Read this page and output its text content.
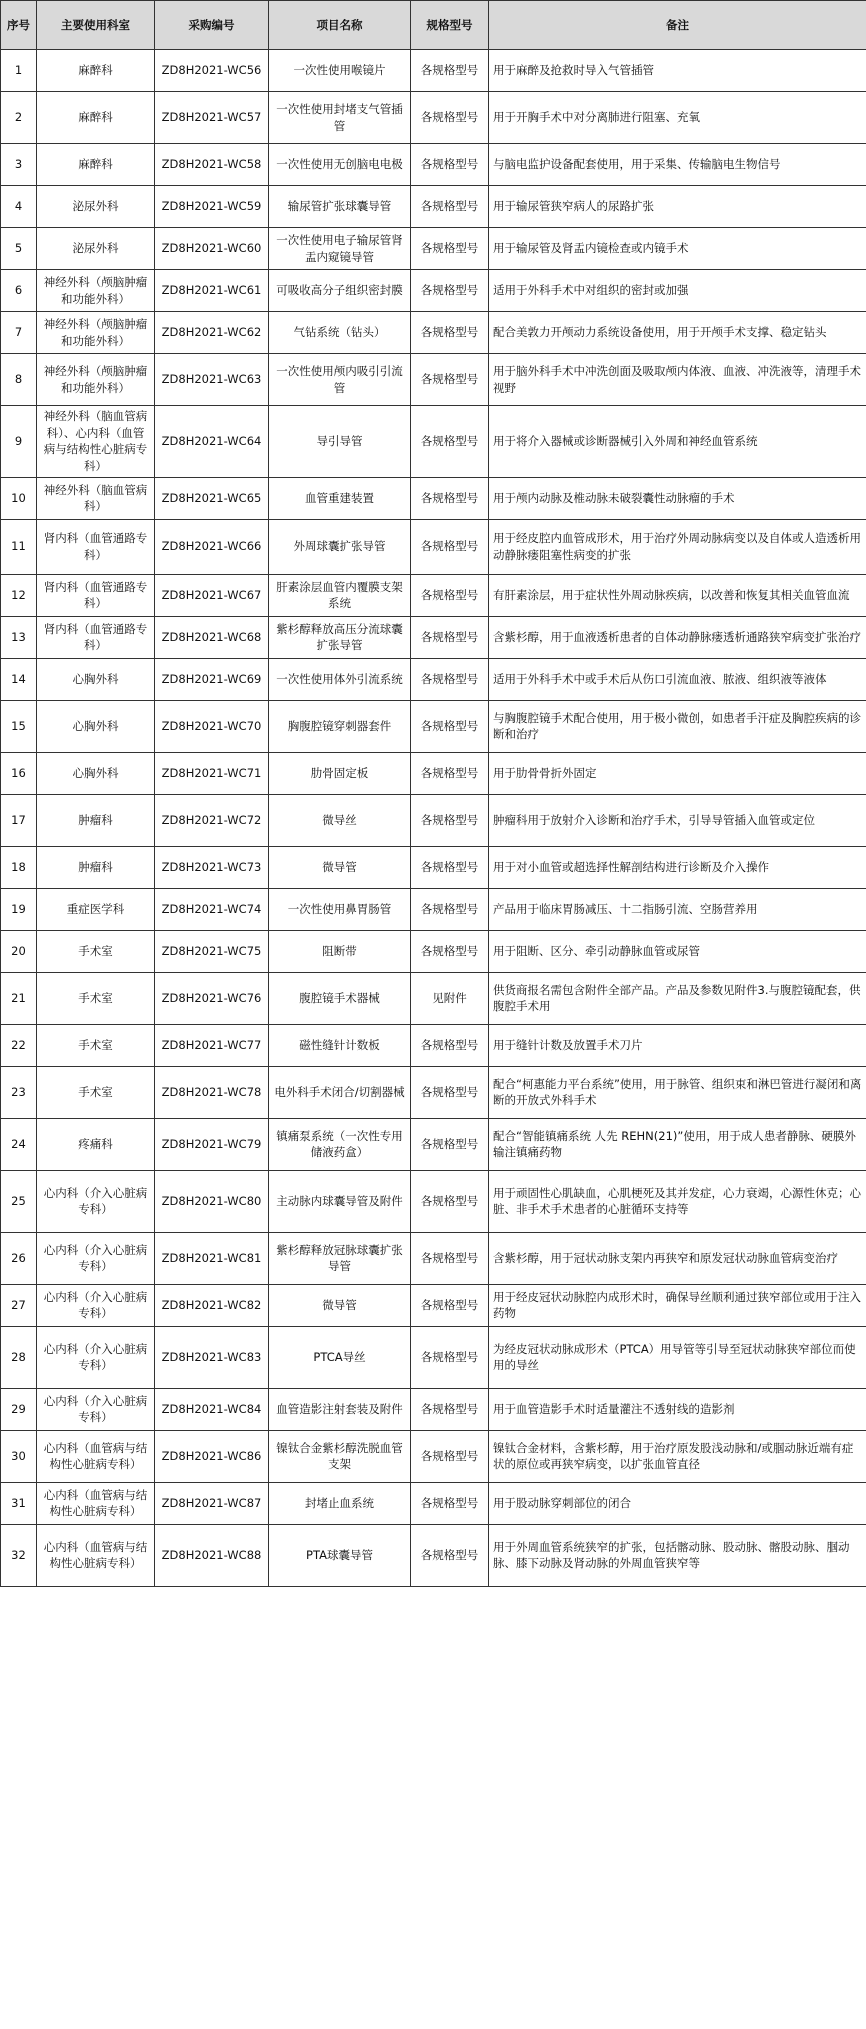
序号	主要使用科室	采购编号	项目名称	规格型号	备注
1	麻醉科	ZD8H2021-WC56	一次性使用喉镜片	各规格型号	用于麻醉及抢救时导入气管插管
2	麻醉科	ZD8H2021-WC57	一次性使用封堵支气管插管	各规格型号	用于开胸手术中对分离肺进行阻塞、充氧
3	麻醉科	ZD8H2021-WC58	一次性使用无创脑电电极	各规格型号	与脑电监护设备配套使用，用于采集、传输脑电生物信号
4	泌尿外科	ZD8H2021-WC59	输尿管扩张球囊导管	各规格型号	用于输尿管狭窄病人的尿路扩张
5	泌尿外科	ZD8H2021-WC60	一次性使用电子输尿管肾盂内窥镜导管	各规格型号	用于输尿管及肾盂内镜检查或内镜手术
6	神经外科（颅脑肿瘤和功能外科）	ZD8H2021-WC61	可吸收高分子组织密封膜	各规格型号	适用于外科手术中对组织的密封或加强
7	神经外科（颅脑肿瘤和功能外科）	ZD8H2021-WC62	气钻系统（钻头）	各规格型号	配合美敦力开颅动力系统设备使用，用于开颅手术支撑、稳定钻头
8	神经外科（颅脑肿瘤和功能外科）	ZD8H2021-WC63	一次性使用颅内吸引引流管	各规格型号	用于脑外科手术中冲洗创面及吸取颅内体液、血液、冲洗液等，清理手术视野
9	神经外科（脑血管病科）、心内科（血管病与结构性心脏病专科）	ZD8H2021-WC64	导引导管	各规格型号	用于将介入器械或诊断器械引入外周和神经血管系统
10	神经外科（脑血管病科）	ZD8H2021-WC65	血管重建装置	各规格型号	用于颅内动脉及椎动脉未破裂囊性动脉瘤的手术
11	肾内科（血管通路专科）	ZD8H2021-WC66	外周球囊扩张导管	各规格型号	用于经皮腔内血管成形术，用于治疗外周动脉病变以及自体或人造透析用动静脉瘘阻塞性病变的扩张
12	肾内科（血管通路专科）	ZD8H2021-WC67	肝素涂层血管内覆膜支架系统	各规格型号	有肝素涂层，用于症状性外周动脉疾病，以改善和恢复其相关血管血流
13	肾内科（血管通路专科）	ZD8H2021-WC68	紫杉醇释放高压分流球囊扩张导管	各规格型号	含紫杉醇，用于血液透析患者的自体动静脉瘘透析通路狭窄病变扩张治疗
14	心胸外科	ZD8H2021-WC69	一次性使用体外引流系统	各规格型号	适用于外科手术中或手术后从伤口引流血液、脓液、组织液等液体
15	心胸外科	ZD8H2021-WC70	胸腹腔镜穿刺器套件	各规格型号	与胸腹腔镜手术配合使用，用于极小微创，如患者手汗症及胸腔疾病的诊断和治疗
16	心胸外科	ZD8H2021-WC71	肋骨固定板	各规格型号	用于肋骨骨折外固定
17	肿瘤科	ZD8H2021-WC72	微导丝	各规格型号	肿瘤科用于放射介入诊断和治疗手术，引导导管插入血管或定位
18	肿瘤科	ZD8H2021-WC73	微导管	各规格型号	用于对小血管或超选择性解剖结构进行诊断及介入操作
19	重症医学科	ZD8H2021-WC74	一次性使用鼻胃肠管	各规格型号	产品用于临床胃肠减压、十二指肠引流、空肠营养用
20	手术室	ZD8H2021-WC75	阻断带	各规格型号	用于阻断、区分、牵引动静脉血管或尿管
21	手术室	ZD8H2021-WC76	腹腔镜手术器械	见附件	供货商报名需包含附件全部产品。产品及参数见附件3.与腹腔镜配套，供腹腔手术用
22	手术室	ZD8H2021-WC77	磁性缝针计数板	各规格型号	用于缝针计数及放置手术刀片
23	手术室	ZD8H2021-WC78	电外科手术闭合/切割器械	各规格型号	配合“柯惠能力平台系统”使用，用于脉管、组织束和淋巴管进行凝闭和离断的开放式外科手术
24	疼痛科	ZD8H2021-WC79	镇痛泵系统（一次性专用储液药盒）	各规格型号	配合“智能镇痛系统 人先 REHN(21)”使用，用于成人患者静脉、硬膜外输注镇痛药物
25	心内科（介入心脏病专科）	ZD8H2021-WC80	主动脉内球囊导管及附件	各规格型号	用于顽固性心肌缺血，心肌梗死及其并发症，心力衰竭，心源性休克；心脏、非手术手术患者的心脏循环支持等
26	心内科（介入心脏病专科）	ZD8H2021-WC81	紫杉醇释放冠脉球囊扩张导管	各规格型号	含紫杉醇，用于冠状动脉支架内再狭窄和原发冠状动脉血管病变治疗
27	心内科（介入心脏病专科）	ZD8H2021-WC82	微导管	各规格型号	用于经皮冠状动脉腔内成形术时，确保导丝顺利通过狭窄部位或用于注入药物
28	心内科（介入心脏病专科）	ZD8H2021-WC83	PTCA导丝	各规格型号	为经皮冠状动脉成形术（PTCA）用导管等引导至冠状动脉狭窄部位而使用的导丝
29	心内科（介入心脏病专科）	ZD8H2021-WC84	血管造影注射套装及附件	各规格型号	用于血管造影手术时适量灌注不透射线的造影剂
30	心内科（血管病与结构性心脏病专科）	ZD8H2021-WC86	镍钛合金紫杉醇洗脱血管支架	各规格型号	镍钛合金材料，含紫杉醇，用于治疗原发股浅动脉和/或腘动脉近端有症状的原位或再狭窄病变，以扩张血管直径
31	心内科（血管病与结构性心脏病专科）	ZD8H2021-WC87	封堵止血系统	各规格型号	用于股动脉穿刺部位的闭合
32	心内科（血管病与结构性心脏病专科）	ZD8H2021-WC88	PTA球囊导管	各规格型号	用于外周血管系统狭窄的扩张，包括髂动脉、股动脉、髂股动脉、腘动脉、膝下动脉及肾动脉的外周血管狭窄等
